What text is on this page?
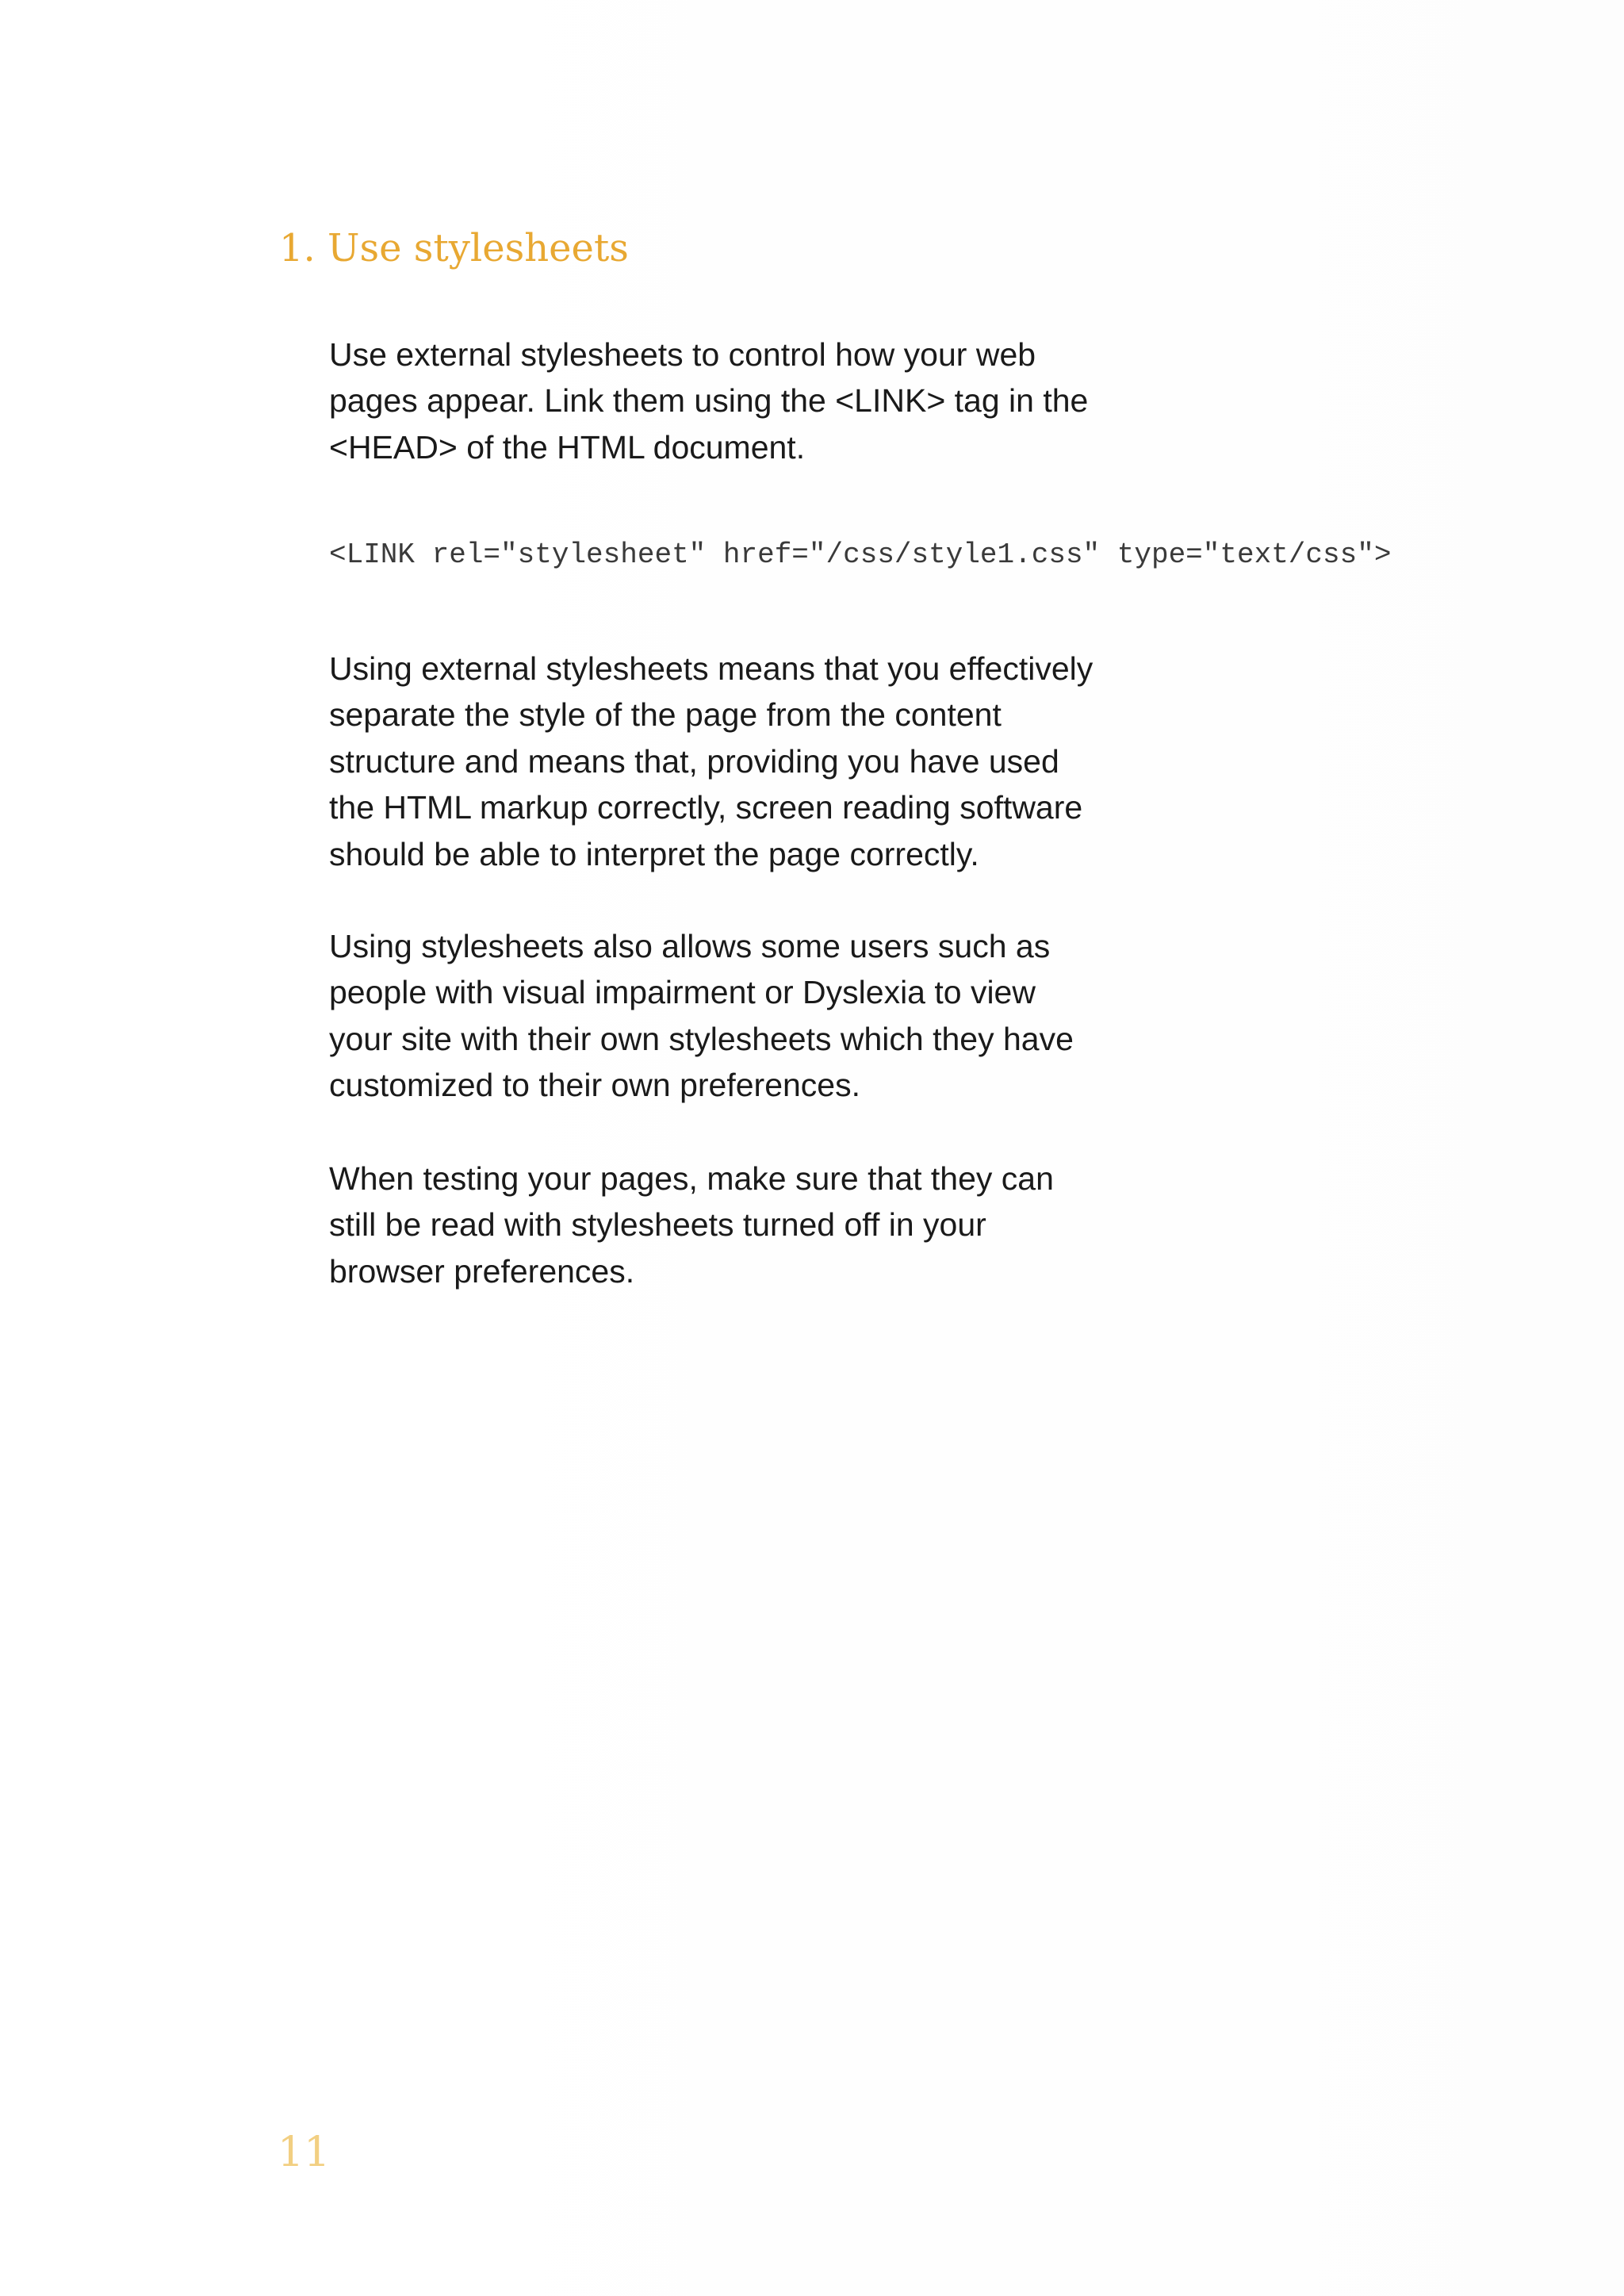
1. Use stylesheets

Use external stylesheets to control how your web pages appear. Link them using the <LINK> tag in the <HEAD> of the HTML document.

<LINK rel="stylesheet" href="/css/style1.css" type="text/css">

Using external stylesheets means that you effectively separate the style of the page from the content structure and means that, providing you have used the HTML markup correctly, screen reading software should be able to interpret the page correctly.

Using stylesheets also allows some users such as people with visual impairment or Dyslexia to view your site with their own stylesheets which they have customized to their own preferences.

When testing your pages, make sure that they can still be read with stylesheets turned off in your browser preferences.

11
